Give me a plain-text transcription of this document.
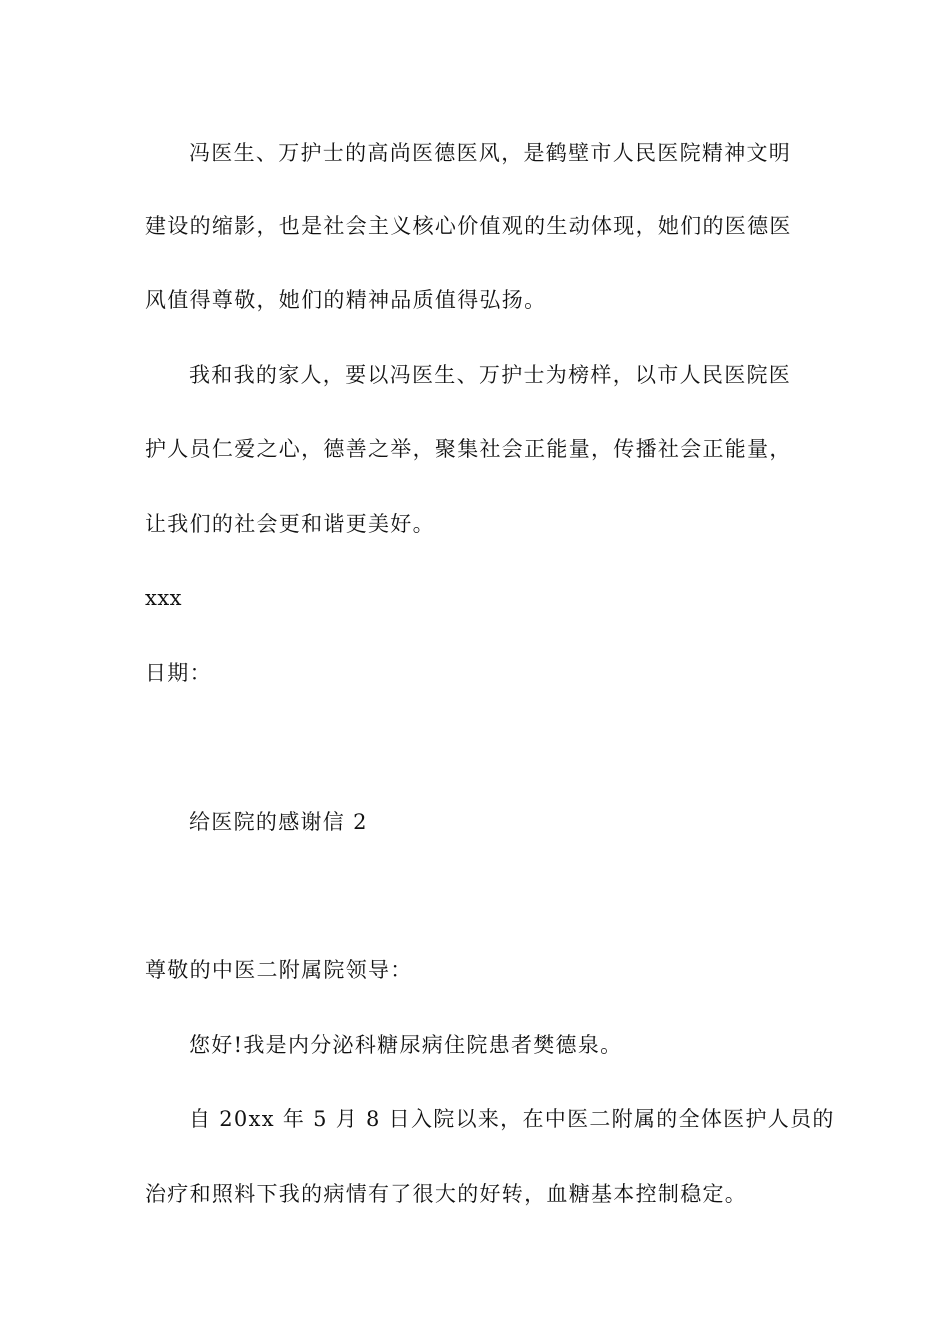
冯医生、万护士的高尚医德医风，是鹤壁市人民医院精神文明
建设的缩影，也是社会主义核心价值观的生动体现，她们的医德医
风值得尊敬，她们的精神品质值得弘扬。
我和我的家人，要以冯医生、万护士为榜样，以市人民医院医
护人员仁爱之心，德善之举，聚集社会正能量，传播社会正能量，
让我们的社会更和谐更美好。
xxx
日期：
给医院的感谢信 2
尊敬的中医二附属院领导：
您好!我是内分泌科糖尿病住院患者樊德泉。
自 20xx 年 5 月 8 日入院以来，在中医二附属的全体医护人员的
治疗和照料下我的病情有了很大的好转，血糖基本控制稳定。
